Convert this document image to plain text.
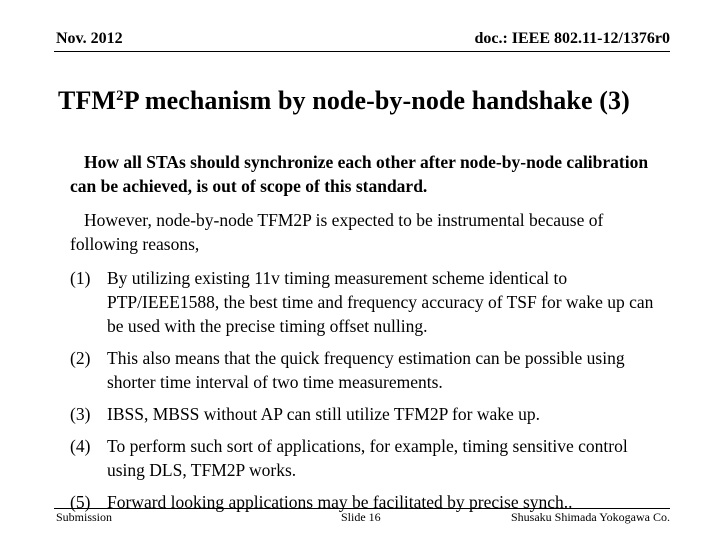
Nov. 2012	doc.: IEEE 802.11-12/1376r0
TFM$^2$P mechanism by node-by-node handshake (3)

How all STAs should synchronize each other after node-by-node calibration can be achieved, is out of scope of this standard.

However, node-by-node TFM2P is expected to be instrumental because of following reasons,

(1) By utilizing existing 11v timing measurement scheme identical to PTP/IEEE1588, the best time and frequency accuracy of TSF for wake up can be used with the precise timing offset nulling.
(2) This also means that the quick frequency estimation can be possible using shorter time interval of two time measurements.
(3) IBSS, MBSS without AP can still utilize TFM2P for wake up.
(4) To perform such sort of applications, for example, timing sensitive control using DLS, TFM2P works.
(5) Forward looking applications may be facilitated by precise synch..
Submission	Slide 16	Shusaku Shimada Yokogawa Co.
